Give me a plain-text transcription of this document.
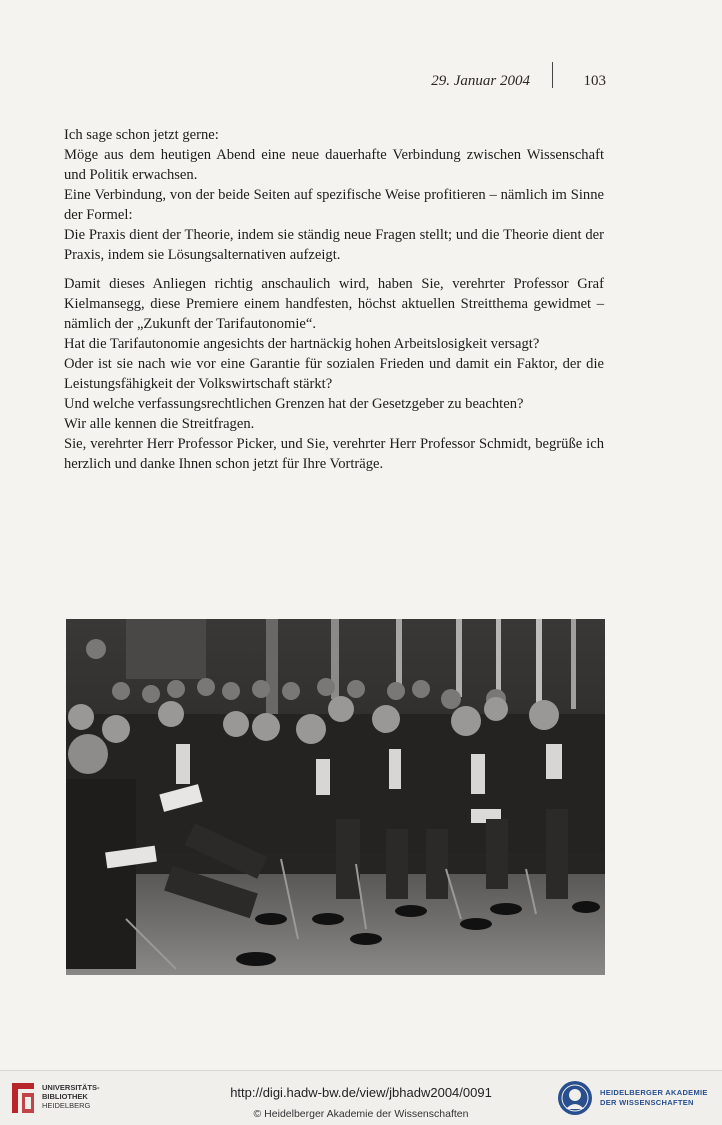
29. Januar 2004	103

Ich sage schon jetzt gerne:

Möge aus dem heutigen Abend eine neue dauerhafte Verbindung zwischen Wissenschaft und Politik erwachsen.

Eine Verbindung, von der beide Seiten auf spezifische Weise profitieren – nämlich im Sinne der Formel:

Die Praxis dient der Theorie, indem sie ständig neue Fragen stellt; und die Theorie dient der Praxis, indem sie Lösungsalternativen aufzeigt.

Damit dieses Anliegen richtig anschaulich wird, haben Sie, verehrter Professor Graf Kielmansegg, diese Premiere einem handfesten, höchst aktuellen Streitthema gewidmet – nämlich der „Zukunft der Tarifautonomie“.

Hat die Tarifautonomie angesichts der hartnäckig hohen Arbeitslosigkeit versagt?

Oder ist sie nach wie vor eine Garantie für sozialen Frieden und damit ein Faktor, der die Leistungsfähigkeit der Volkswirtschaft stärkt?

Und welche verfassungsrechtlichen Grenzen hat der Gesetzgeber zu beachten?

Wir alle kennen die Streitfragen.

Sie, verehrter Herr Professor Picker, und Sie, verehrter Herr Professor Schmidt, begrüße ich herzlich und danke Ihnen schon jetzt für Ihre Vorträge.

UNIVERSITÄTS-
BIBLIOTHEK
HEIDELBERG
http://digi.hadw-bw.de/view/jbhadw2004/0091
© Heidelberger Akademie der Wissenschaften
HEIDELBERGER AKADEMIE
DER WISSENSCHAFTEN
